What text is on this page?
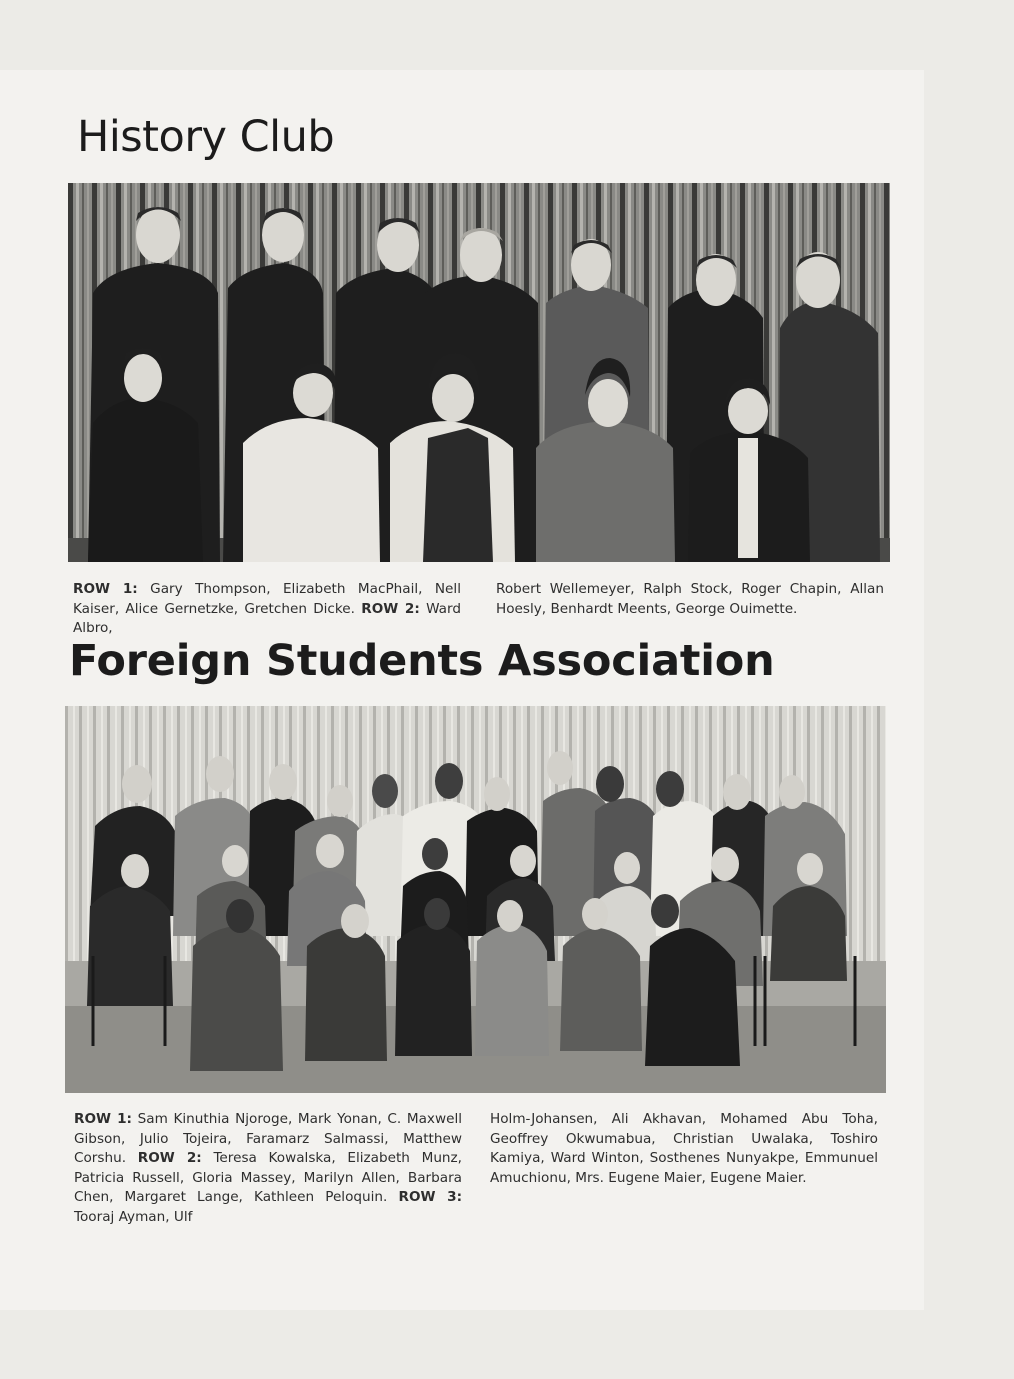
History Club

ROW 1: Gary Thompson, Elizabeth MacPhail, Nell Kaiser, Alice Gernetzke, Gretchen Dicke. ROW 2: Ward Albro,

Robert Wellemeyer, Ralph Stock, Roger Chapin, Allan Hoesly, Benhardt Meents, George Ouimette.

Foreign Students Association

ROW 1: Sam Kinuthia Njoroge, Mark Yonan, C. Maxwell Gibson, Julio Tojeira, Faramarz Salmassi, Matthew Corshu. ROW 2: Teresa Kowalska, Elizabeth Munz, Patricia Russell, Gloria Massey, Marilyn Allen, Barbara Chen, Margaret Lange, Kathleen Peloquin. ROW 3: Tooraj Ayman, Ulf

Holm-Johansen, Ali Akhavan, Mohamed Abu Toha, Geoffrey Okwumabua, Christian Uwalaka, Toshiro Kamiya, Ward Winton, Sosthenes Nunyakpe, Emmunuel Amuchionu, Mrs. Eugene Maier, Eugene Maier.
